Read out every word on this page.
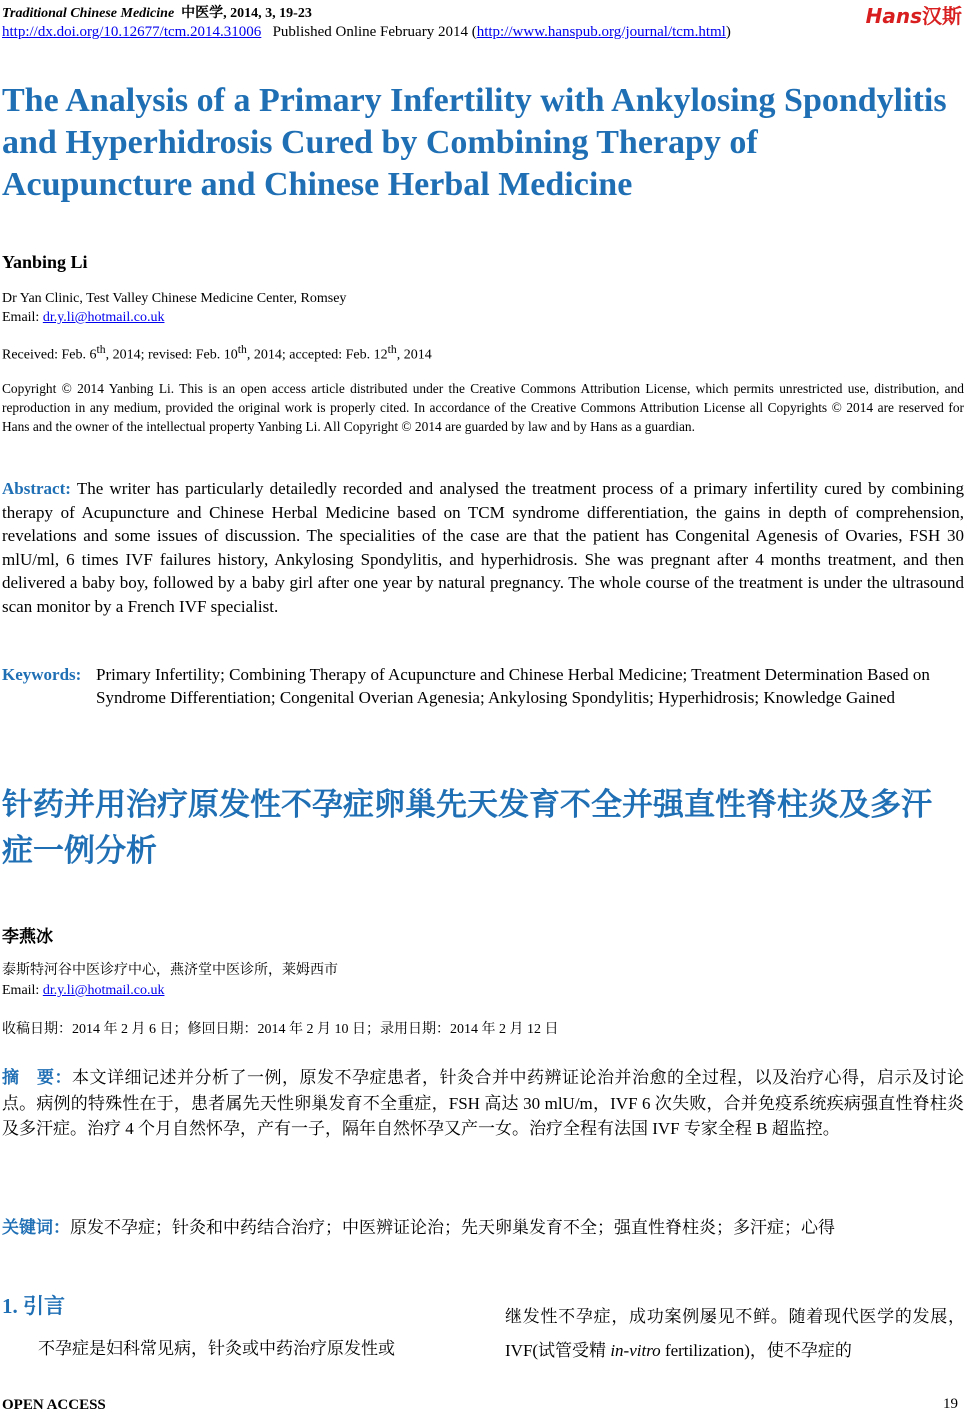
Traditional Chinese Medicine 中医学, 2014, 3, 19-23	Hans汉斯
http://dx.doi.org/10.12677/tcm.2014.31006 Published Online February 2014 (http://www.hanspub.org/journal/tcm.html)
The Analysis of a Primary Infertility with Ankylosing Spondylitis and Hyperhidrosis Cured by Combining Therapy of Acupuncture and Chinese Herbal Medicine
Yanbing Li
Dr Yan Clinic, Test Valley Chinese Medicine Center, Romsey
Email: dr.y.li@hotmail.co.uk
Received: Feb. 6th, 2014; revised: Feb. 10th, 2014; accepted: Feb. 12th, 2014
Copyright © 2014 Yanbing Li. This is an open access article distributed under the Creative Commons Attribution License, which permits unrestricted use, distribution, and reproduction in any medium, provided the original work is properly cited. In accordance of the Creative Commons Attribution License all Copyrights © 2014 are reserved for Hans and the owner of the intellectual property Yanbing Li. All Copyright © 2014 are guarded by law and by Hans as a guardian.
Abstract: The writer has particularly detailedly recorded and analysed the treatment process of a primary infertility cured by combining therapy of Acupuncture and Chinese Herbal Medicine based on TCM syndrome differentiation, the gains in depth of comprehension, revelations and some issues of discussion. The specialities of the case are that the patient has Congenital Agenesis of Ovaries, FSH 30 mlU/ml, 6 times IVF failures history, Ankylosing Spondylitis, and hyperhidrosis. She was pregnant after 4 months treatment, and then delivered a baby boy, followed by a baby girl after one year by natural pregnancy. The whole course of the treatment is under the ultrasound scan monitor by a French IVF specialist.
Keywords: Primary Infertility; Combining Therapy of Acupuncture and Chinese Herbal Medicine; Treatment Determination Based on Syndrome Differentiation; Congenital Overian Agenesia; Ankylosing Spondylitis; Hyperhidrosis; Knowledge Gained
针药并用治疗原发性不孕症卵巢先天发育不全并强直性脊柱炎及多汗症一例分析
李燕冰
泰斯特河谷中医诊疗中心，燕济堂中医诊所，莱姆西市
Email: dr.y.li@hotmail.co.uk
收稿日期：2014 年 2 月 6 日；修回日期：2014 年 2 月 10 日；录用日期：2014 年 2 月 12 日
摘　要：本文详细记述并分析了一例，原发不孕症患者，针灸合并中药辨证论治并治愈的全过程，以及治疗心得，启示及讨论点。病例的特殊性在于，患者属先天性卵巢发育不全重症，FSH 高达 30 mlU/m，IVF 6 次失败，合并免疫系统疾病强直性脊柱炎及多汗症。治疗 4 个月自然怀孕，产有一子，隔年自然怀孕又产一女。治疗全程有法国 IVF 专家全程 B 超监控。
关键词：原发不孕症；针灸和中药结合治疗；中医辨证论治；先天卵巢发育不全；强直性脊柱炎；多汗症；心得
1. 引言
不孕症是妇科常见病，针灸或中药治疗原发性或
继发性不孕症，成功案例屡见不鲜。随着现代医学的发展，IVF(试管受精 in-vitro fertilization)，使不孕症的
OPEN ACCESS	19
